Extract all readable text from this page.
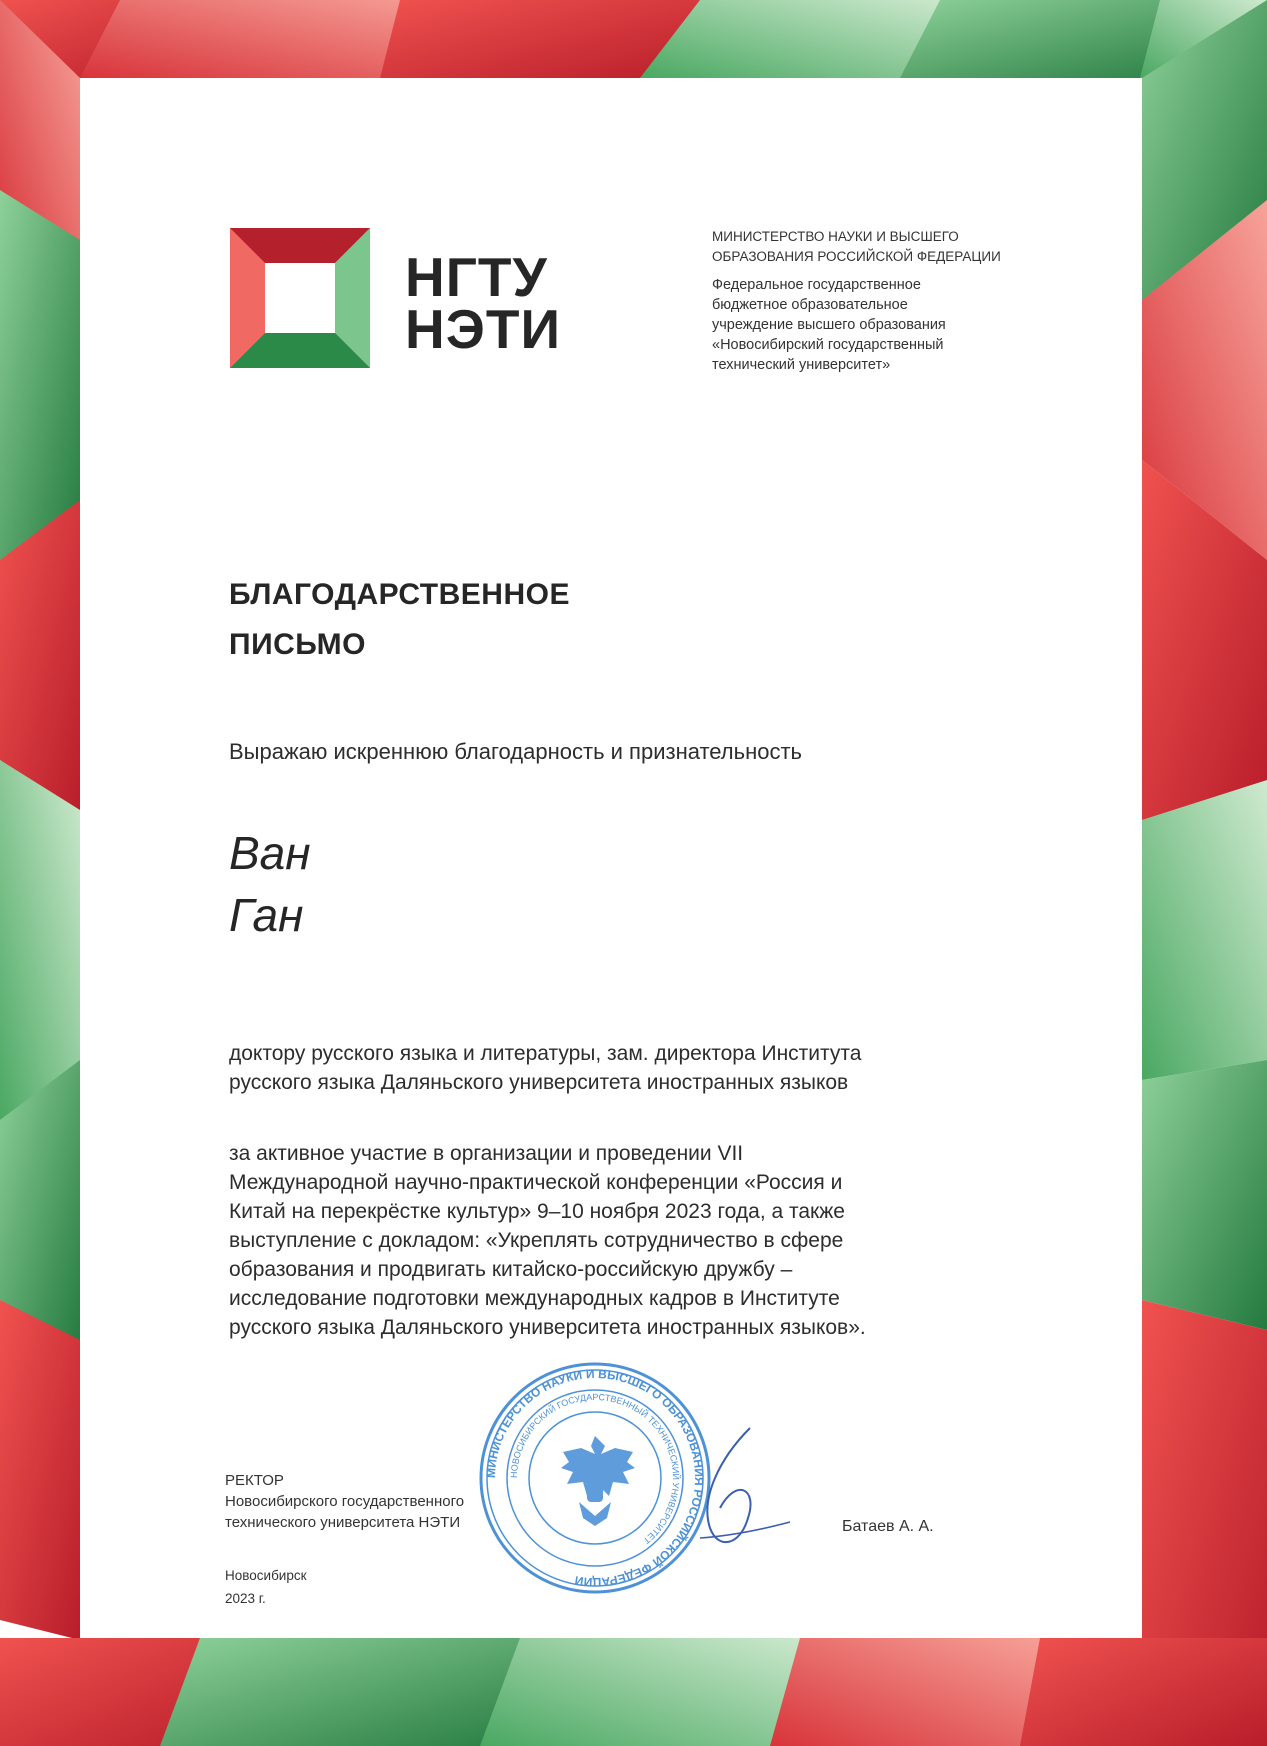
НГТУ
НЭТИ
МИНИСТЕРСТВО НАУКИ И ВЫСШЕГО
ОБРАЗОВАНИЯ РОССИЙСКОЙ ФЕДЕРАЦИИ
Федеральное государственное
бюджетное образовательное
учреждение высшего образования
«Новосибирский государственный
технический университет»
БЛАГОДАРСТВЕННОЕ
ПИСЬМО
Выражаю искреннюю благодарность и признательность
Ван
Ган
доктору русского языка и литературы, зам. директора Института
русского языка Даляньского университета иностранных языков
за активное участие в организации и проведении VII
Международной научно-практической конференции «Россия и
Китай на перекрёстке культур» 9–10 ноября 2023 года, а также
выступление с докладом: «Укреплять сотрудничество в сфере
образования и продвигать китайско-российскую дружбу –
исследование подготовки международных кадров в Институте
русского языка Даляньского университета иностранных языков».
РЕКТОР
Новосибирского государственного
технического университета НЭТИ	Батаев А. А.
Новосибирск
2023 г.
МИНИСТЕРСТВО НАУКИ И ВЫСШЕГО ОБРАЗОВАНИЯ РОССИЙСКОЙ ФЕДЕРАЦИИ
НОВОСИБИРСКИЙ ГОСУДАРСТВЕННЫЙ ТЕХНИЧЕСКИЙ УНИВЕРСИТЕТ
